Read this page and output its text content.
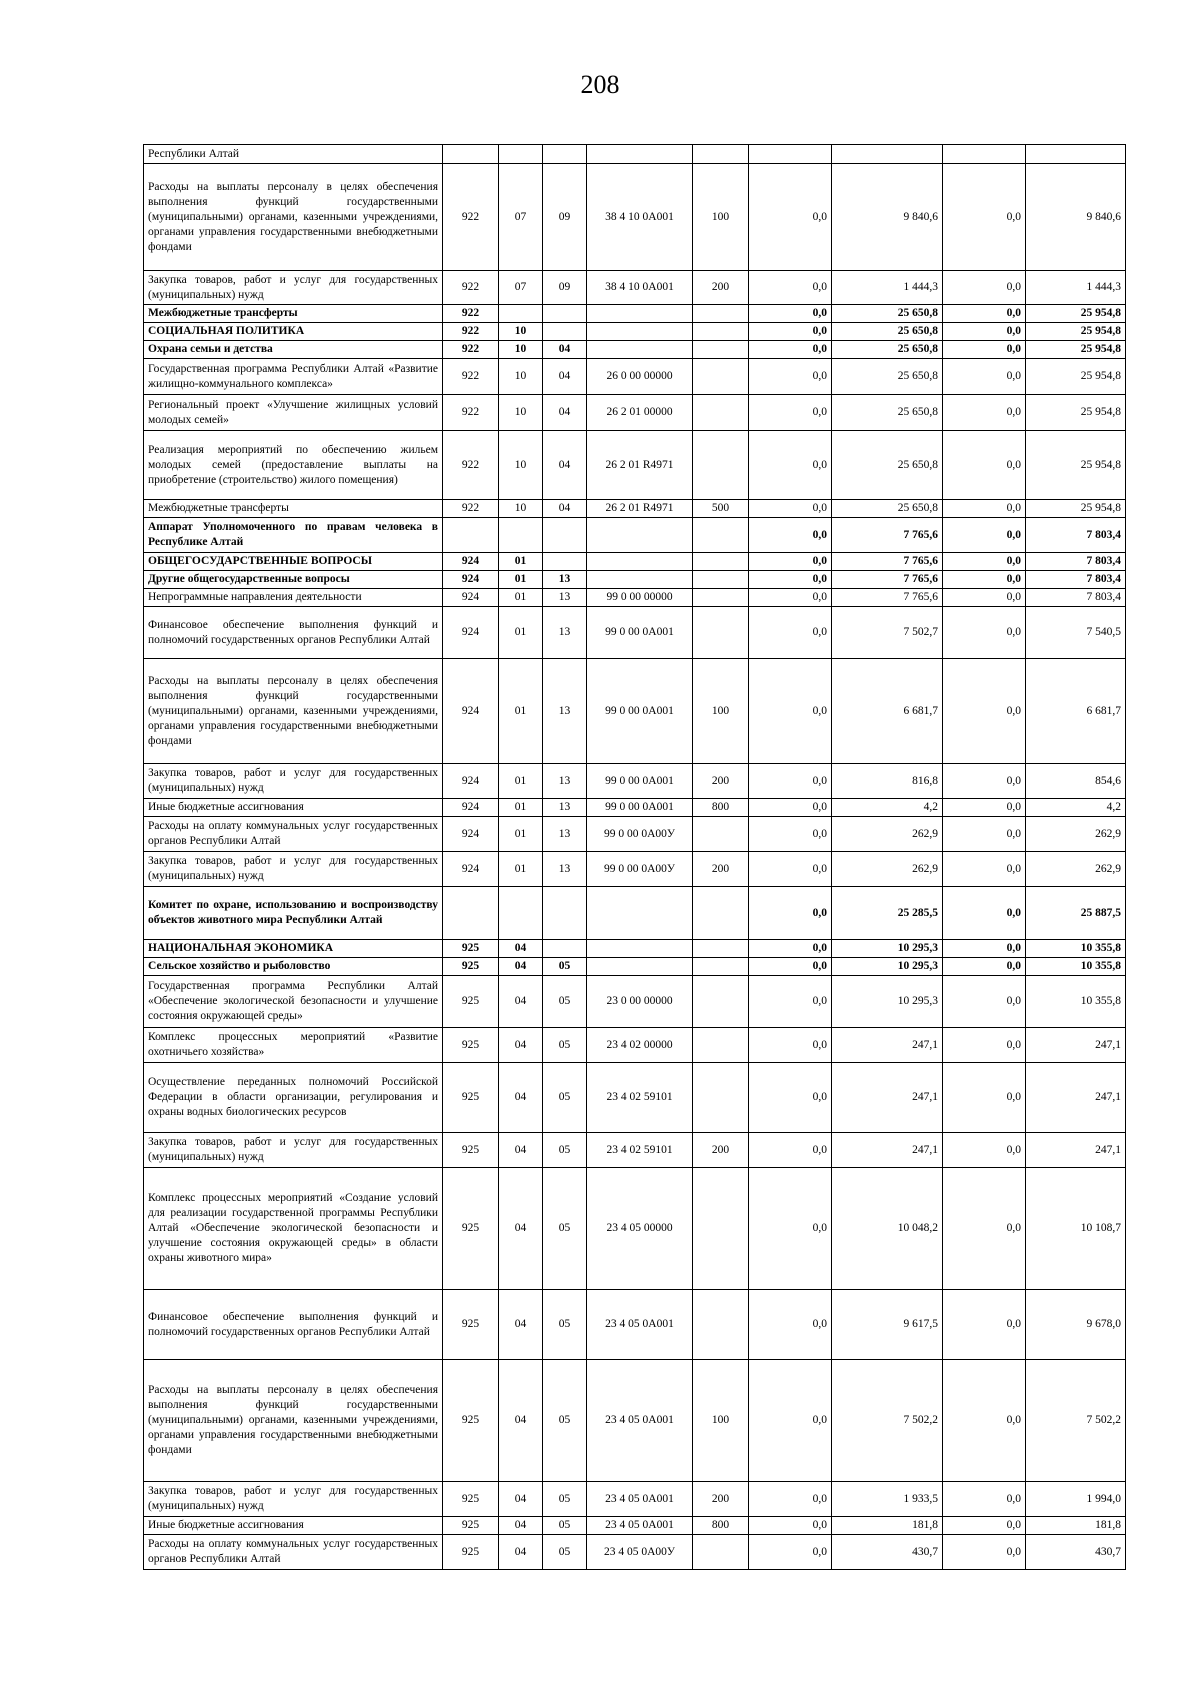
208
Республики Алтай									
Расходы на выплаты персоналу в целях обеспечения выполнения функций государственными (муниципальными) органами, казенными учреждениями, органами управления государственными внебюджетными фондами	922	07	09	38 4 10 0A001	100	0,0	9 840,6	0,0	9 840,6
Закупка товаров, работ и услуг для государственных (муниципальных) нужд	922	07	09	38 4 10 0A001	200	0,0	1 444,3	0,0	1 444,3
Межбюджетные трансферты	922					0,0	25 650,8	0,0	25 954,8
СОЦИАЛЬНАЯ ПОЛИТИКА	922	10				0,0	25 650,8	0,0	25 954,8
Охрана семьи и детства	922	10	04			0,0	25 650,8	0,0	25 954,8
Государственная программа Республики Алтай «Развитие жилищно-коммунального комплекса»	922	10	04	26 0 00 00000		0,0	25 650,8	0,0	25 954,8
Региональный проект «Улучшение жилищных условий молодых семей»	922	10	04	26 2 01 00000		0,0	25 650,8	0,0	25 954,8
Реализация мероприятий по обеспечению жильем молодых семей (предоставление выплаты на приобретение (строительство) жилого помещения)	922	10	04	26 2 01 R4971		0,0	25 650,8	0,0	25 954,8
Межбюджетные трансферты	922	10	04	26 2 01 R4971	500	0,0	25 650,8	0,0	25 954,8
Аппарат Уполномоченного по правам человека в Республике Алтай						0,0	7 765,6	0,0	7 803,4
ОБЩЕГОСУДАРСТВЕННЫЕ ВОПРОСЫ	924	01				0,0	7 765,6	0,0	7 803,4
Другие общегосударственные вопросы	924	01	13			0,0	7 765,6	0,0	7 803,4
Непрограммные направления деятельности	924	01	13	99 0 00 00000		0,0	7 765,6	0,0	7 803,4
Финансовое обеспечение выполнения функций и полномочий государственных органов Республики Алтай	924	01	13	99 0 00 0A001		0,0	7 502,7	0,0	7 540,5
Расходы на выплаты персоналу в целях обеспечения выполнения функций государственными (муниципальными) органами, казенными учреждениями, органами управления государственными внебюджетными фондами	924	01	13	99 0 00 0A001	100	0,0	6 681,7	0,0	6 681,7
Закупка товаров, работ и услуг для государственных (муниципальных) нужд	924	01	13	99 0 00 0A001	200	0,0	816,8	0,0	854,6
Иные бюджетные ассигнования	924	01	13	99 0 00 0A001	800	0,0	4,2	0,0	4,2
Расходы на оплату коммунальных услуг государственных органов Республики Алтай	924	01	13	99 0 00 0A00У		0,0	262,9	0,0	262,9
Закупка товаров, работ и услуг для государственных (муниципальных) нужд	924	01	13	99 0 00 0A00У	200	0,0	262,9	0,0	262,9
Комитет по охране, использованию и воспроизводству объектов животного мира Республики Алтай						0,0	25 285,5	0,0	25 887,5
НАЦИОНАЛЬНАЯ ЭКОНОМИКА	925	04				0,0	10 295,3	0,0	10 355,8
Сельское хозяйство и рыболовство	925	04	05			0,0	10 295,3	0,0	10 355,8
Государственная программа Республики Алтай «Обеспечение экологической безопасности и улучшение состояния окружающей среды»	925	04	05	23 0 00 00000		0,0	10 295,3	0,0	10 355,8
Комплекс процессных мероприятий «Развитие охотничьего хозяйства»	925	04	05	23 4 02 00000		0,0	247,1	0,0	247,1
Осуществление переданных полномочий Российской Федерации в области организации, регулирования и охраны водных биологических ресурсов	925	04	05	23 4 02 59101		0,0	247,1	0,0	247,1
Закупка товаров, работ и услуг для государственных (муниципальных) нужд	925	04	05	23 4 02 59101	200	0,0	247,1	0,0	247,1
Комплекс процессных мероприятий «Создание условий для реализации государственной программы Республики Алтай «Обеспечение экологической безопасности и улучшение состояния окружающей среды» в области охраны животного мира»	925	04	05	23 4 05 00000		0,0	10 048,2	0,0	10 108,7
Финансовое обеспечение выполнения функций и полномочий государственных органов Республики Алтай	925	04	05	23 4 05 0A001		0,0	9 617,5	0,0	9 678,0
Расходы на выплаты персоналу в целях обеспечения выполнения функций государственными (муниципальными) органами, казенными учреждениями, органами управления государственными внебюджетными фондами	925	04	05	23 4 05 0A001	100	0,0	7 502,2	0,0	7 502,2
Закупка товаров, работ и услуг для государственных (муниципальных) нужд	925	04	05	23 4 05 0A001	200	0,0	1 933,5	0,0	1 994,0
Иные бюджетные ассигнования	925	04	05	23 4 05 0A001	800	0,0	181,8	0,0	181,8
Расходы на оплату коммунальных услуг государственных органов Республики Алтай	925	04	05	23 4 05 0A00У		0,0	430,7	0,0	430,7
